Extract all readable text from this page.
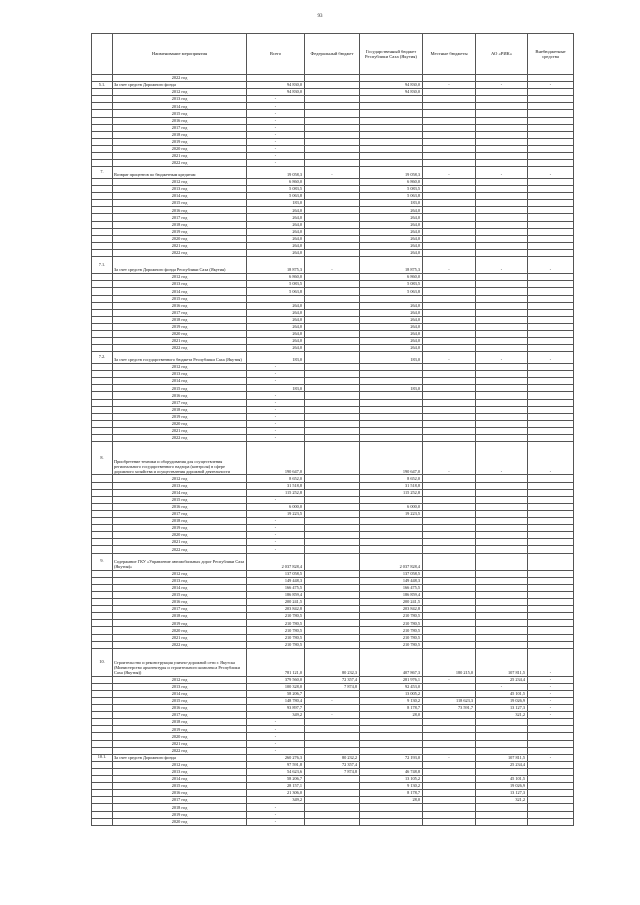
93
	Наименование мероприятия	Всего	Федеральный бюджет	Государственный бюджет Республики Саха (Якутия)	Местные бюджеты	АО «РИК»	Внебюджетные средства
	2022 год						
5.1.	За счет средств Дорожного фонда	94 830,0		94 830,0	-	-	-
	2012 год	94 830,0		94 830,0			
	2013 год	-					
	2014 год	-					
	2015 год	-					
	2016 год	-					
	2017 год	-					
	2018 год	-					
	2019 год	-					
	2020 год	-					
	2021 год	-					
	2022 год	-					
7.	Возврат процентов по бюджетным кредитам	19 058,3	-	19 058,3	-	-	-
	2012 год	6 860,0		6 860,0			
	2013 год	5 083,5		5 083,5			
	2014 год	5 063,8		5 063,8			
	2015 год	183,0		183,0			
	2016 год	264,0		264,0			
	2017 год	264,0		264,0			
	2018 год	264,0		264,0			
	2019 год	264,0		264,0			
	2020 год	264,0		264,0			
	2021 год	264,0		264,0			
	2022 год	264,0		264,0			
7.1.	За счет средств Дорожного фонда Республики Саха (Якутия)	18 875,3	-	18 875,3	-	-	-
	2012 год	6 860,0		6 860,0			
	2013 год	5 083,5		5 083,5			
	2014 год	5 063,8		5 063,8			
	2015 год						
	2016 год	264,0		264,0			
	2017 год	264,0		264,0			
	2018 год	264,0		264,0			
	2019 год	264,0		264,0			
	2020 год	264,0		264,0			
	2021 год	264,0		264,0			
	2022 год	264,0		264,0			
7.2.	За счет средств государственного бюджета Республики Саха (Якутия)	183,0		183,0	-	-	-
	2012 год	-					
	2013 год	-					
	2014 год	-					
	2015 год	183,0		183,0			
	2016 год	-					
	2017 год	-					
	2018 год	-					
	2019 год	-					
	2020 год	-					
	2021 год	-					
	2022 год	-					
8.	Приобретение техники и оборудования для осуществления регионального государственного надзора (контроля) в сфере дорожного хозяйства и осуществления дорожной деятельности	190 647,0		190 647,0	-	-	-
	2012 год	8 652,0		8 652,0			
	2013 год	31 518,8		31 518,8			
	2014 год	115 252,8		115 252,8			
	2015 год	-					
	2016 год	6 000,0		6 000,0			
	2017 год	19 223,5		19 223,5			
	2018 год	-					
	2019 год	-					
	2020 год	-					
	2021 год	-					
	2022 год	-					
9.	Содержание ГКУ «Управление автомобильных дорог Республики Саха (Якутия)»	2 037 828,4		2 037 828,4			
	2012 год	137 058,5		137 058,5			
	2013 год	149 448,3		149 448,3			
	2014 год	166 475,5		166 475,5			
	2015 год	186 859,4		186 859,4			
	2016 год	200 241,5		200 241,5			
	2017 год	203 842,8		203 842,8			
	2018 год	210 780,5		210 780,5			
	2019 год	210 780,5		210 780,5			
	2020 год	210 780,5		210 780,5			
	2021 год	210 780,5		210 780,5			
	2022 год	210 780,5		210 780,5			
10.	Строительство и реконструкция улично-дорожной сети г. Якутска (Министерство архитектуры и строительного комплекса Республики Саха (Якутия))	781 121,0	80 232,3	407 867,3	180 215,0	107 811,5	-
	2012 год	379 560,0	72 357,4	281 976,1	-	25 234,4	-
	2013 год	100 328,0	7 874,8	92 453,0		-	-
	2014 год	58 206,7		13 005,2		45 101,5	-
	2015 год	148 780,4	-	9 130,2	118 623,3	19 026,9	-
	2016 год	93 897,7		8 178,7	73 591,7	13 127,3	-
	2017 год	349,2	-	28,0		321,2	-
	2018 год	-					
	2019 год	-					
	2020 год	-					
	2021 год	-					
	2022 год	-					
10.1.	За счет средств Дорожного фонда	260 276,3	80 232,2	72 193,0	-	107 811,5	-
	2012 год	97 591,8	72 357,4			25 234,4	
	2013 год	54 623,6	7 874,8	46 748,8			
	2014 год	58 206,7		13 105,2		45 101,5	
	2015 год	28 157,1		9 130,2		19 026,9	
	2016 год	21 306,0		8 178,7		13 127,3	
	2017 год	349,2		28,0		321,2	
	2018 год	-					
	2019 год	-					
	2020 год	-					
